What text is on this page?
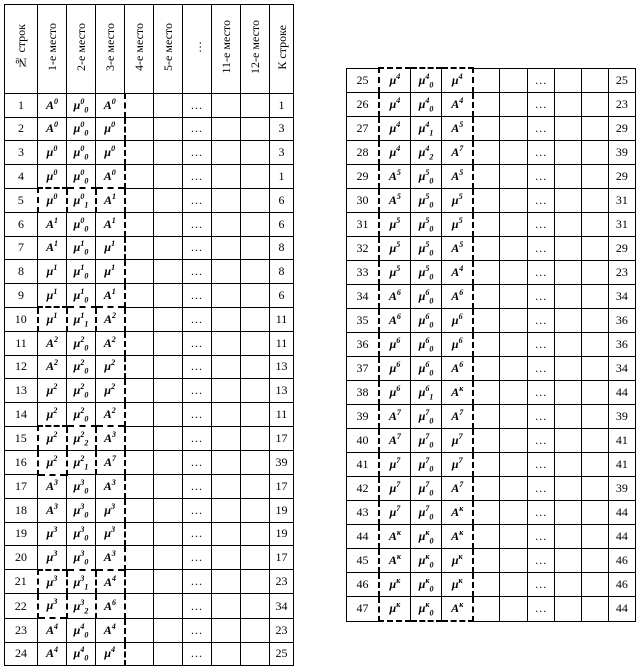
№ строк	1-е место	2-е место	3-е место	4-е место	5-е место	…	11-е место	12-е место	К строке
1	$A^0$	$\mu^0_0$	$A^0$			…			1
2	$A^0$	$\mu^0_0$	$\mu^0$			…			3
3	$\mu^0$	$\mu^0_0$	$\mu^0$			…			3
4	$\mu^0$	$\mu^0_0$	$A^0$			…			1
5	$\mu^0$	$\mu^0_1$	$A^1$			…			6
6	$A^1$	$\mu^0_0$	$A^1$			…			6
7	$A^1$	$\mu^1_0$	$\mu^1$			…			8
8	$\mu^1$	$\mu^1_0$	$\mu^1$			…			8
9	$\mu^1$	$\mu^1_0$	$A^1$			…			6
10	$\mu^1$	$\mu^1_1$	$A^2$			…			11
11	$A^2$	$\mu^2_0$	$A^2$			…			11
12	$A^2$	$\mu^2_0$	$\mu^2$			…			13
13	$\mu^2$	$\mu^2_0$	$\mu^2$			…			13
14	$\mu^2$	$\mu^2_0$	$A^2$			…			11
15	$\mu^2$	$\mu^2_2$	$A^3$			…			17
16	$\mu^2$	$\mu^2_1$	$A^7$			…			39
17	$A^3$	$\mu^3_0$	$A^3$			…			17
18	$A^3$	$\mu^3_0$	$\mu^3$			…			19
19	$\mu^3$	$\mu^3_0$	$\mu^3$			…			19
20	$\mu^3$	$\mu^3_0$	$A^3$			…			17
21	$\mu^3$	$\mu^3_1$	$A^4$			…			23
22	$\mu^3$	$\mu^3_2$	$A^6$			…			34
23	$A^4$	$\mu^4_0$	$A^4$			…			23
24	$A^4$	$\mu^4_0$	$\mu^4$			…			25
25	$\mu^4$	$\mu^4_0$	$\mu^4$			…			25
26	$\mu^4$	$\mu^4_0$	$A^4$			…			23
27	$\mu^4$	$\mu^4_1$	$A^5$			…			29
28	$\mu^4$	$\mu^4_2$	$A^7$			…			39
29	$A^5$	$\mu^5_0$	$A^5$			…			29
30	$A^5$	$\mu^5_0$	$\mu^5$			…			31
31	$\mu^5$	$\mu^5_0$	$\mu^5$			…			31
32	$\mu^5$	$\mu^5_0$	$A^5$			…			29
33	$\mu^5$	$\mu^5_0$	$A^4$			…			23
34	$A^6$	$\mu^6_0$	$A^6$			…			34
35	$A^6$	$\mu^6_0$	$\mu^6$			…			36
36	$\mu^6$	$\mu^6_0$	$\mu^6$			…			36
37	$\mu^6$	$\mu^6_0$	$A^6$			…			34
38	$\mu^6$	$\mu^6_1$	$A^к$			…			44
39	$A^7$	$\mu^7_0$	$A^7$			…			39
40	$A^7$	$\mu^7_0$	$\mu^7$			…			41
41	$\mu^7$	$\mu^7_0$	$\mu^7$			…			41
42	$\mu^7$	$\mu^7_0$	$A^7$			…			39
43	$\mu^7$	$\mu^7_0$	$A^к$			…			44
44	$A^к$	$\mu^к_0$	$A^к$			…			44
45	$A^к$	$\mu^к_0$	$\mu^к$			…			46
46	$\mu^к$	$\mu^к_0$	$\mu^к$			…			46
47	$\mu^к$	$\mu^к_0$	$A^к$			…			44
